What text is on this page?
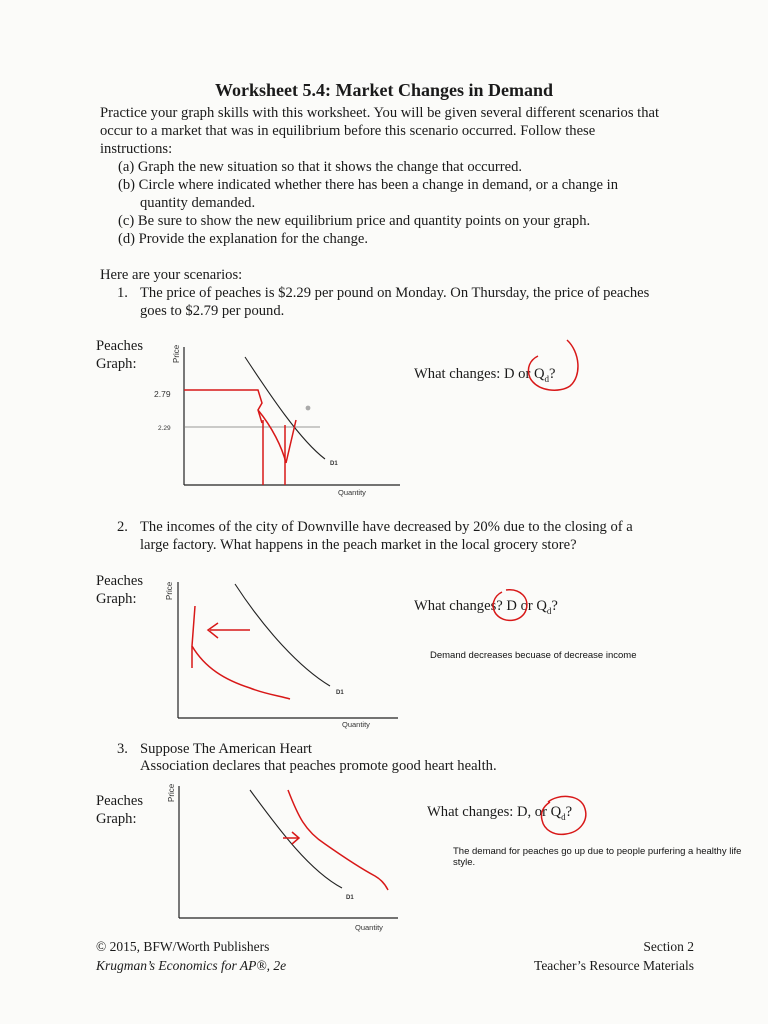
Worksheet 5.4: Market Changes in Demand
Practice your graph skills with this worksheet. You will be given several different scenarios that
occur to a market that was in equilibrium before this scenario occurred. Follow these
instructions:
(a) Graph the new situation so that it shows the change that occurred.
(b) Circle where indicated whether there has been a change in demand, or a change in
quantity demanded.
(c) Be sure to show the new equilibrium price and quantity points on your graph.
(d) Provide the explanation for the change.
Here are your scenarios:
1. The price of peaches is $2.29 per pound on Monday. On Thursday, the price of peaches
goes to $2.79 per pound.
Peaches
Graph:
Price
2.79
2.29
D1
Quantity
What changes: D or $Q_d$?
2. The incomes of the city of Downville have decreased by 20% due to the closing of a
large factory. What happens in the peach market in the local grocery store?
Peaches
Graph:	Price
D1
Quantity
What changes? D or $Q_d$?
Demand decreases becuase of decrease income
3. Suppose The American Heart
Association declares that peaches promote good heart health.
Peaches
Graph:
Price
D1
Quantity
What changes: D, or $Q_d$?
The demand for peaches go up due to people purfering a healthy life style.
© 2015, BFW/Worth Publishers
Krugman’s Economics for AP®, 2e
Section 2
Teacher’s Resource Materials
